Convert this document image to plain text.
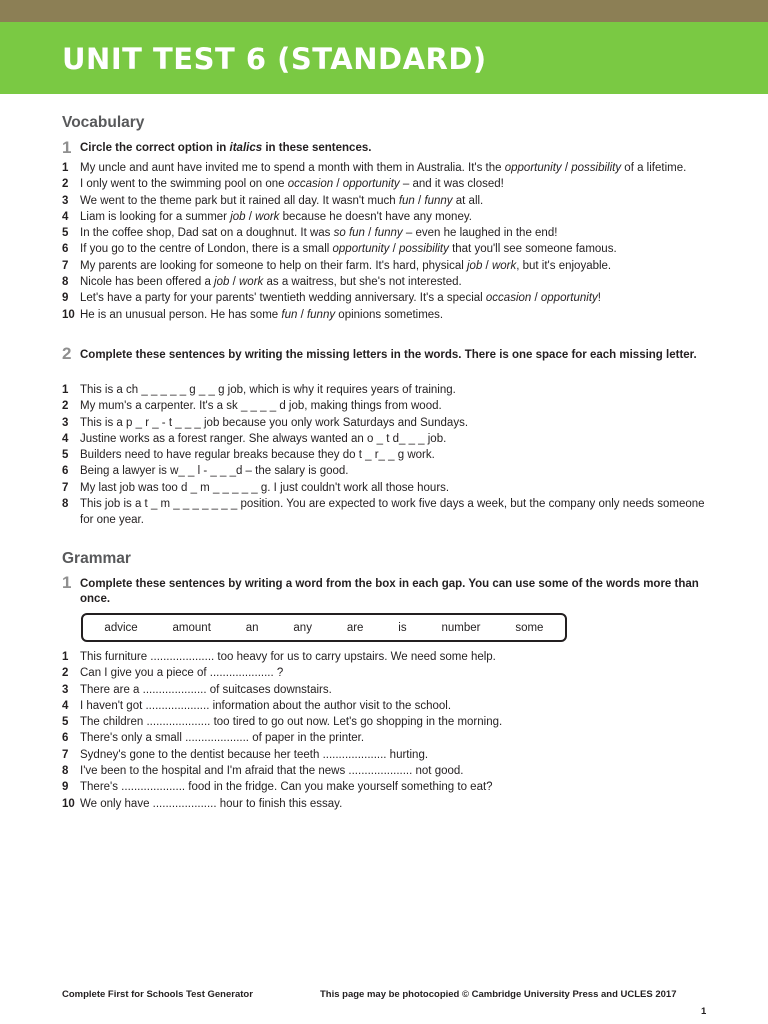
UNIT TEST 6 (STANDARD)
Vocabulary
1 Circle the correct option in italics in these sentences.
1 My uncle and aunt have invited me to spend a month with them in Australia. It's the opportunity / possibility of a lifetime.
2 I only went to the swimming pool on one occasion / opportunity – and it was closed!
3 We went to the theme park but it rained all day. It wasn't much fun / funny at all.
4 Liam is looking for a summer job / work because he doesn't have any money.
5 In the coffee shop, Dad sat on a doughnut. It was so fun / funny – even he laughed in the end!
6 If you go to the centre of London, there is a small opportunity / possibility that you'll see someone famous.
7 My parents are looking for someone to help on their farm. It's hard, physical job / work, but it's enjoyable.
8 Nicole has been offered a job / work as a waitress, but she's not interested.
9 Let's have a party for your parents' twentieth wedding anniversary. It's a special occasion / opportunity!
10 He is an unusual person. He has some fun / funny opinions sometimes.
2 Complete these sentences by writing the missing letters in the words. There is one space for each missing letter.
1 This is a ch _ _ _ _ _ g _ _ g job, which is why it requires years of training.
2 My mum's a carpenter. It's a sk _ _ _ _ d job, making things from wood.
3 This is a p _ r _ - t _ _ _ job because you only work Saturdays and Sundays.
4 Justine works as a forest ranger. She always wanted an o _ t d_ _ _ job.
5 Builders need to have regular breaks because they do t _ r_ _ g work.
6 Being a lawyer is w_ _ l - _ _ _d – the salary is good.
7 My last job was too d _ m _ _ _ _ _ g. I just couldn't work all those hours.
8 This job is a t _ m _ _ _ _ _ _ _ position. You are expected to work five days a week, but the company only needs someone for one year.
Grammar
1 Complete these sentences by writing a word from the box in each gap. You can use some of the words more than once.
advice	amount	an	any	are	is	number	some
1 This furniture .................... too heavy for us to carry upstairs. We need some help.
2 Can I give you a piece of .................... ?
3 There are a .................... of suitcases downstairs.
4 I haven't got .................... information about the author visit to the school.
5 The children .................... too tired to go out now. Let's go shopping in the morning.
6 There's only a small .................... of paper in the printer.
7 Sydney's gone to the dentist because her teeth .................... hurting.
8 I've been to the hospital and I'm afraid that the news .................... not good.
9 There's .................... food in the fridge. Can you make yourself something to eat?
10 We only have .................... hour to finish this essay.
Complete First for Schools Test Generator	This page may be photocopied © Cambridge University Press and UCLES 2017
1
